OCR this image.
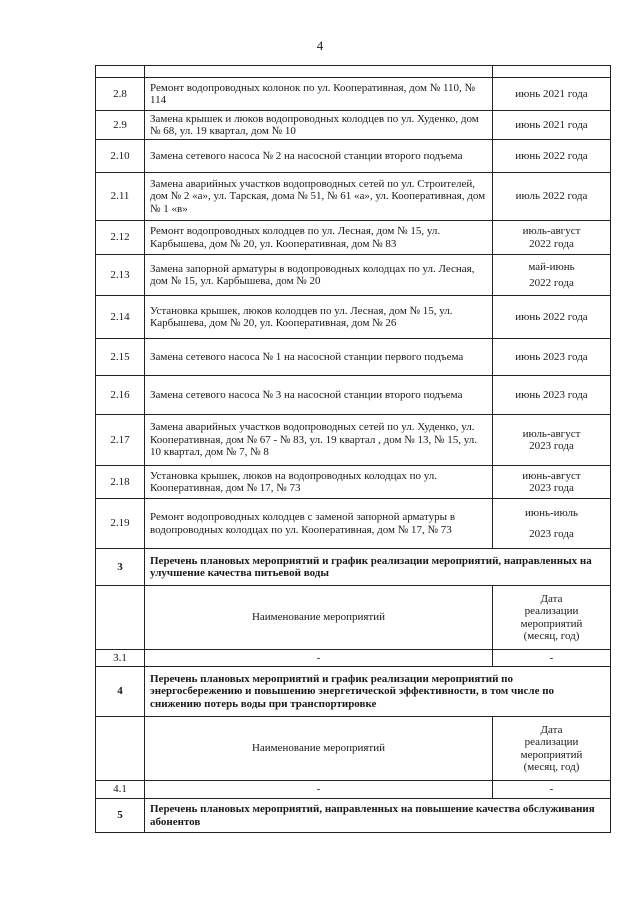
4

2.8	Ремонт водопроводных колонок по ул. Кооперативная, дом № 110, № 114	июнь 2021 года
2.9	Замена крышек и люков водопроводных колодцев по ул. Худенко, дом № 68, ул. 19 квартал, дом № 10	июнь 2021 года
2.10	Замена сетевого насоса № 2 на насосной станции второго подъема	июнь 2022 года
2.11	Замена аварийных участков водопроводных сетей по ул. Строителей, дом № 2 «а», ул. Тарская, дома № 51, № 61 «а», ул. Кооперативная, дом № 1 «в»	июль 2022 года
2.12	Ремонт водопроводных колодцев по ул. Лесная, дом № 15, ул. Карбышева, дом № 20, ул. Кооперативная, дом № 83	июль-август
2022 года

2.13	Замена запорной арматуры в водопроводных колодцах по ул. Лесная, дом № 15, ул. Карбышева, дом № 20	май-июнь
2022 года

2.14	Установка крышек, люков колодцев по ул. Лесная, дом № 15, ул. Карбышева, дом № 20, ул. Кооперативная, дом № 26	июнь 2022 года
2.15	Замена сетевого насоса № 1 на насосной станции первого подъема	июнь 2023 года
2.16	Замена сетевого насоса № 3 на насосной станции второго подъема	июнь 2023 года
2.17	Замена аварийных участков водопроводных сетей по ул. Худенко, ул. Кооперативная, дом № 67 - № 83, ул. 19 квартал , дом № 13, № 15, ул. 10 квартал, дом № 7, № 8	июль-август
2023 года

2.18	Установка крышек, люков на водопроводных колодцах по ул. Кооперативная, дом № 17, № 73	июнь-август
2023 года

2.19	Ремонт водопроводных колодцев с заменой запорной арматуры в водопроводных колодцах по ул. Кооперативная, дом № 17, № 73	июнь-июль
2023 года

3	Перечень плановых мероприятий и график реализации мероприятий, направленных на улучшение качества питьевой воды	
	Наименование мероприятий	Дата
реализации
мероприятий
(месяц, год)

3.1	-	-
4	Перечень плановых мероприятий и график реализации мероприятий по энергосбережению и повышению энергетической эффективности, в том числе по снижению потерь воды при транспортировке	
	Наименование мероприятий	Дата
реализации
мероприятий
(месяц, год)

4.1	-	-
5	Перечень плановых мероприятий, направленных на повышение качества обслуживания абонентов	
